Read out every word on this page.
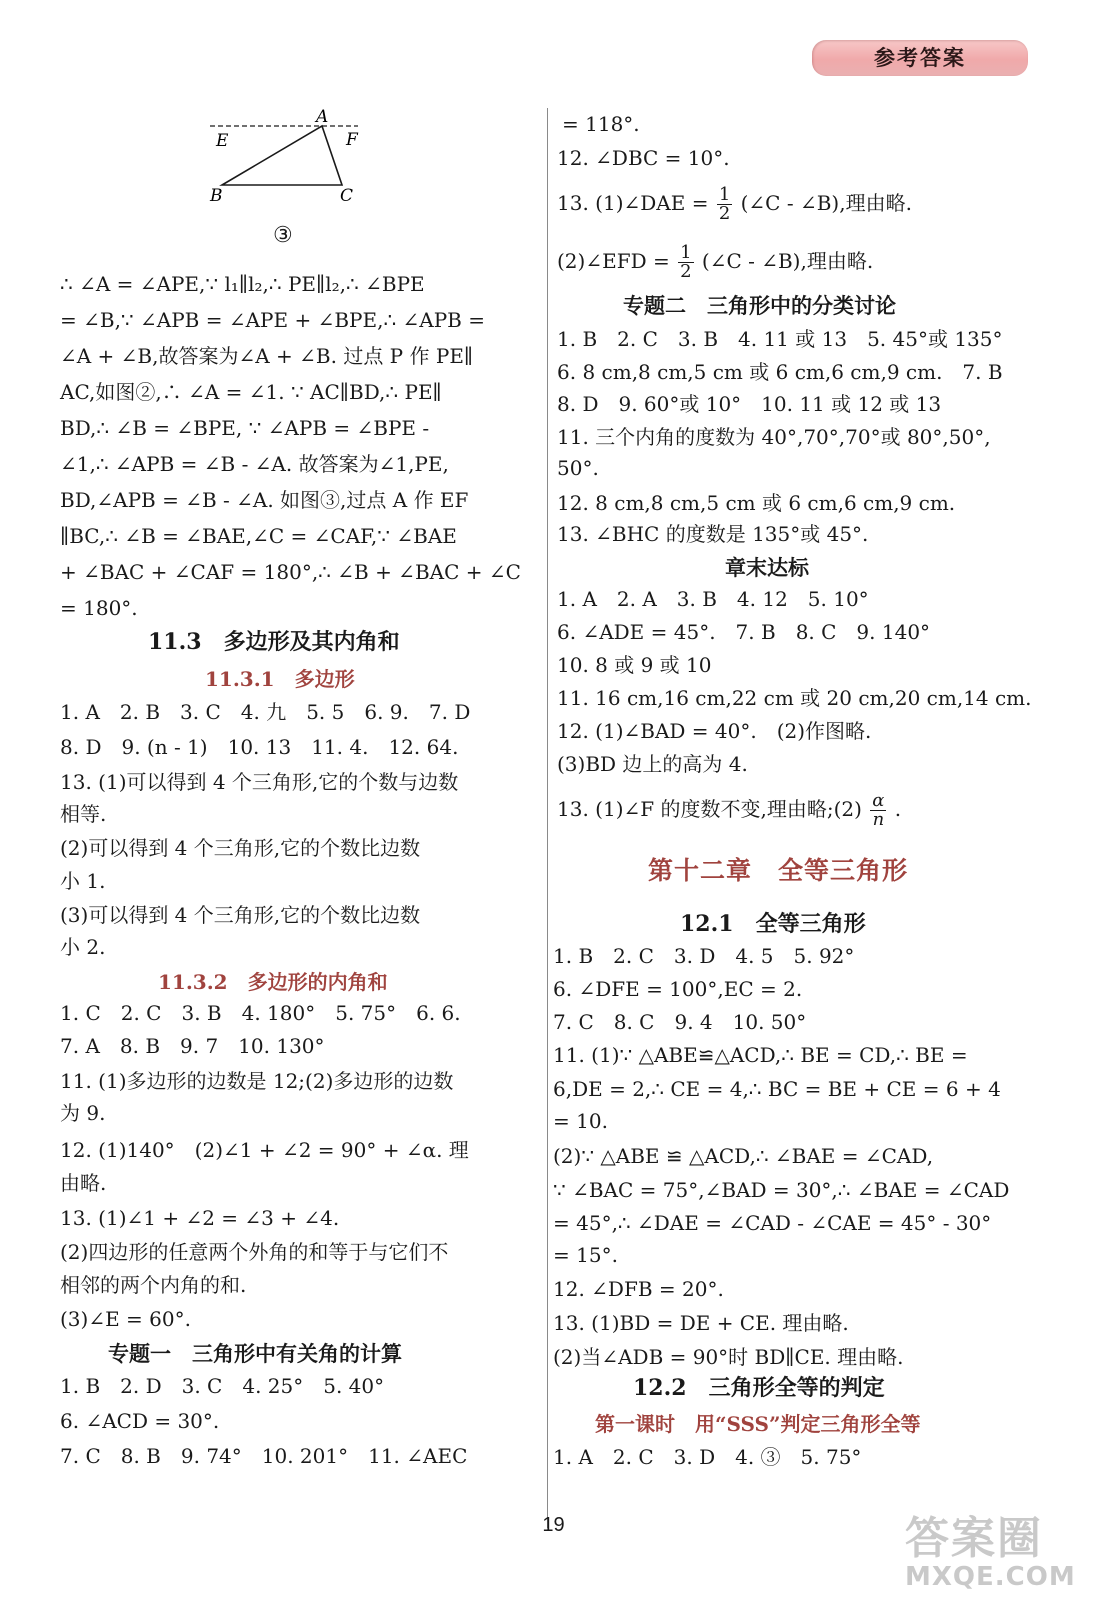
参考答案
A
E	F
B	C
③
∴ ∠A = ∠APE,∵ l₁∥l₂,∴ PE∥l₂,∴ ∠BPE
= ∠B,∵ ∠APB = ∠APE + ∠BPE,∴ ∠APB =
∠A + ∠B,故答案为∠A + ∠B. 过点 P 作 PE∥
AC,如图②,∴ ∠A = ∠1. ∵ AC∥BD,∴ PE∥
BD,∴ ∠B = ∠BPE, ∵ ∠APB = ∠BPE -
∠1,∴ ∠APB = ∠B - ∠A. 故答案为∠1,PE,
BD,∠APB = ∠B - ∠A. 如图③,过点 A 作 EF
∥BC,∴ ∠B = ∠BAE,∠C = ∠CAF,∵ ∠BAE
+ ∠BAC + ∠CAF = 180°,∴ ∠B + ∠BAC + ∠C
= 180°.
11.3　多边形及其内角和
11.3.1　多边形
1. A　2. B　3. C　4. 九　5. 5　6. 9.　7. D
8. D　9. (n - 1)　10. 13　11. 4.　12. 64.
13. (1)可以得到 4 个三角形,它的个数与边数
相等.
(2)可以得到 4 个三角形,它的个数比边数
小 1.
(3)可以得到 4 个三角形,它的个数比边数
小 2.
11.3.2　多边形的内角和
1. C　2. C　3. B　4. 180°　5. 75°　6. 6.
7. A　8. B　9. 7　10. 130°
11. (1)多边形的边数是 12;(2)多边形的边数
为 9.
12. (1)140°　(2)∠1 + ∠2 = 90° + ∠α. 理
由略.
13. (1)∠1 + ∠2 = ∠3 + ∠4.
(2)四边形的任意两个外角的和等于与它们不
相邻的两个内角的和.
(3)∠E = 60°.
专题一　三角形中有关角的计算
1. B　2. D　3. C　4. 25°　5. 40°
6. ∠ACD = 30°.
7. C　8. B　9. 74°　10. 201°　11. ∠AEC
= 118°.
12. ∠DBC = 10°.
13. (1)∠DAE = $\frac{1}{2}$ (∠C - ∠B),理由略.
(2)∠EFD = $\frac{1}{2}$ (∠C - ∠B),理由略.
专题二　三角形中的分类讨论
1. B　2. C　3. B　4. 11 或 13　5. 45°或 135°
6. 8 cm,8 cm,5 cm 或 6 cm,6 cm,9 cm.　7. B
8. D　9. 60°或 10°　10. 11 或 12 或 13
11. 三个内角的度数为 40°,70°,70°或 80°,50°,
50°.
12. 8 cm,8 cm,5 cm 或 6 cm,6 cm,9 cm.
13. ∠BHC 的度数是 135°或 45°.
章末达标
1. A　2. A　3. B　4. 12　5. 10°
6. ∠ADE = 45°.　7. B　8. C　9. 140°
10. 8 或 9 或 10
11. 16 cm,16 cm,22 cm 或 20 cm,20 cm,14 cm.
12. (1)∠BAD = 40°.　(2)作图略.
(3)BD 边上的高为 4.
13. (1)∠F 的度数不变,理由略;(2) $\frac{\alpha}{n}$ .
第十二章　全等三角形
12.1　全等三角形
1. B　2. C　3. D　4. 5　5. 92°
6. ∠DFE = 100°,EC = 2.
7. C　8. C　9. 4　10. 50°
11. (1)∵ △ABE≌△ACD,∴ BE = CD,∴ BE =
6,DE = 2,∴ CE = 4,∴ BC = BE + CE = 6 + 4
= 10.
(2)∵ △ABE ≌ △ACD,∴ ∠BAE = ∠CAD,
∵ ∠BAC = 75°,∠BAD = 30°,∴ ∠BAE = ∠CAD
= 45°,∴ ∠DAE = ∠CAD - ∠CAE = 45° - 30°
= 15°.
12. ∠DFB = 20°.
13. (1)BD = DE + CE. 理由略.
(2)当∠ADB = 90°时 BD∥CE. 理由略.
12.2　三角形全等的判定
第一课时　用“SSS”判定三角形全等
1. A　2. C　3. D　4. ③　5. 75°
19	答案圈
MXQE.COM
